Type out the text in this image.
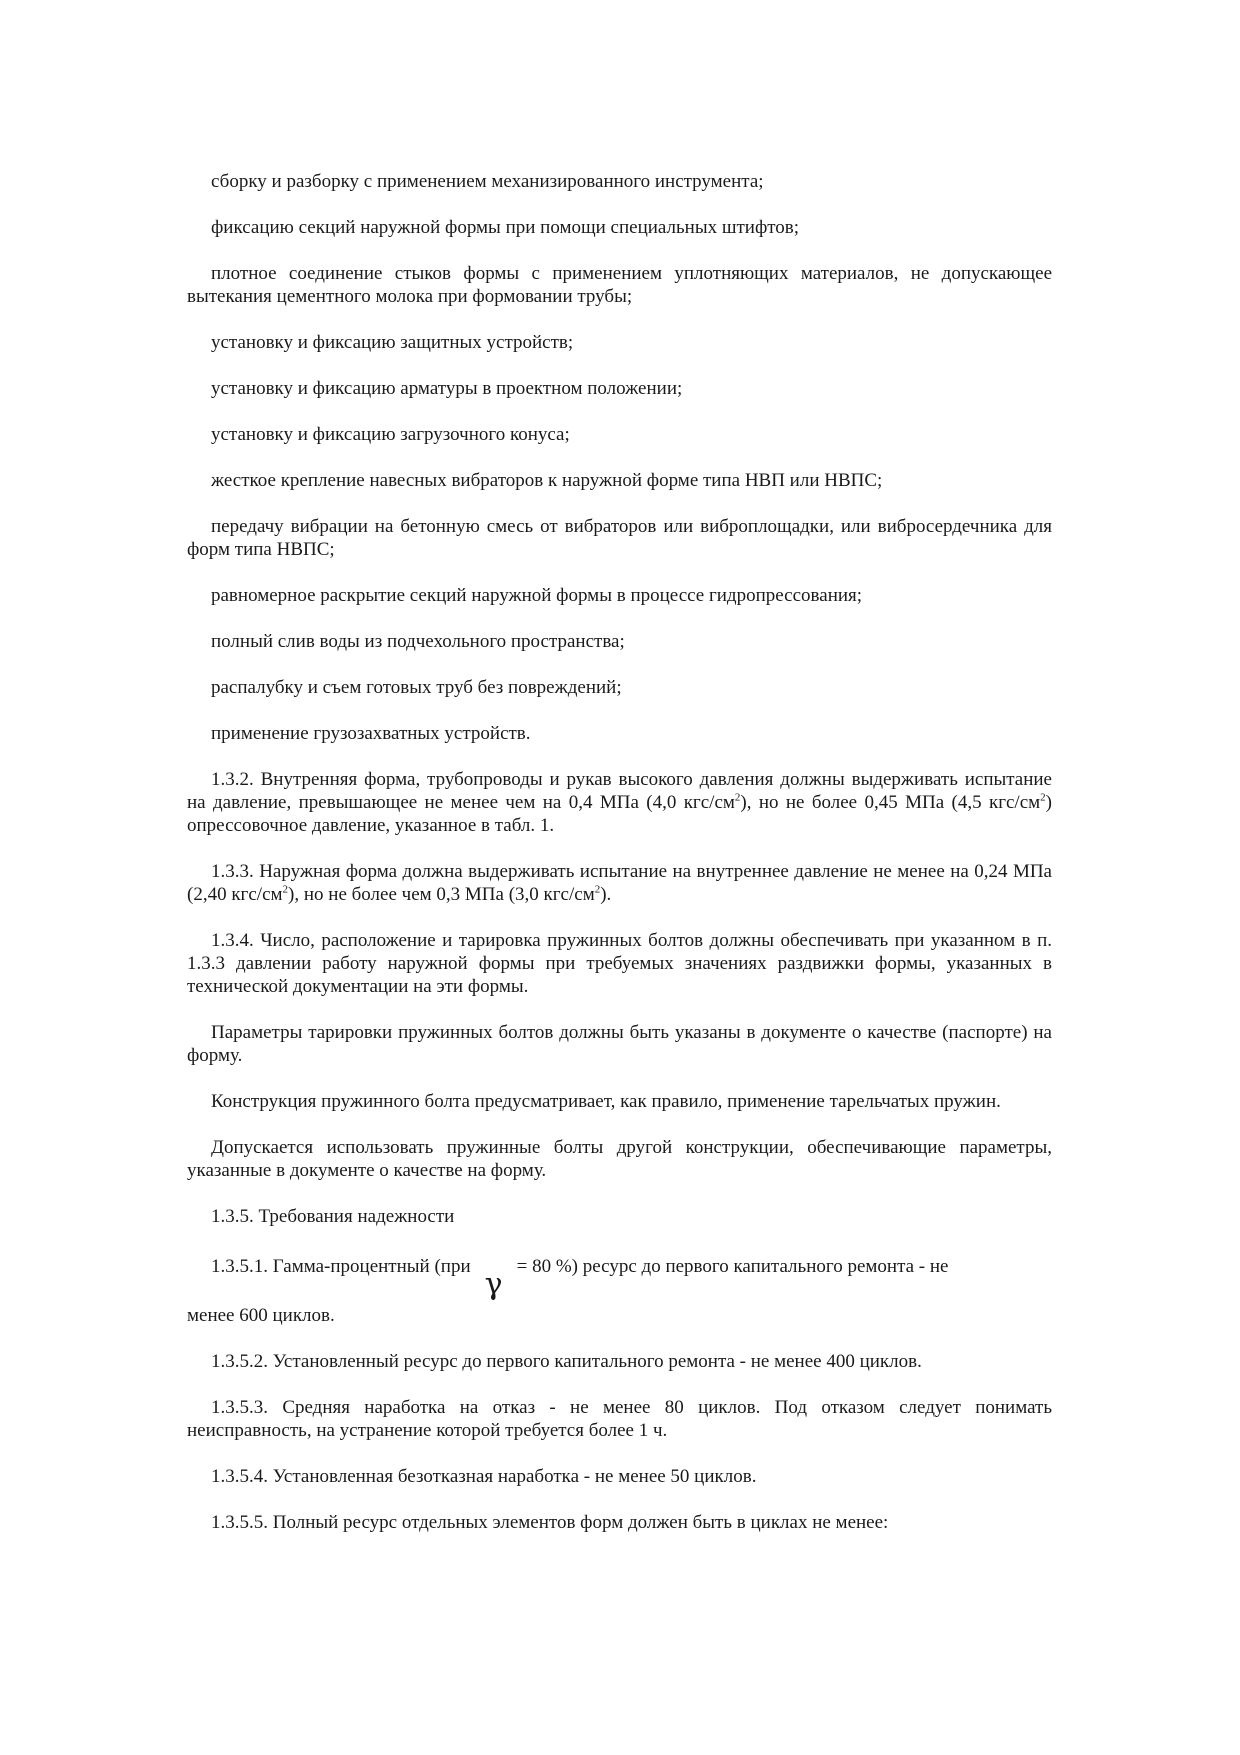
сборку и разборку с применением механизированного инструмента;

фиксацию секций наружной формы при помощи специальных штифтов;

плотное соединение стыков формы с применением уплотняющих материалов, не допускающее вытекания цементного молока при формовании трубы;

установку и фиксацию защитных устройств;

установку и фиксацию арматуры в проектном положении;

установку и фиксацию загрузочного конуса;

жесткое крепление навесных вибраторов к наружной форме типа НВП или НВПС;

передачу вибрации на бетонную смесь от вибраторов или виброплощадки, или вибросердечника для форм типа НВПС;

равномерное раскрытие секций наружной формы в процессе гидропрессования;

полный слив воды из подчехольного пространства;

распалубку и съем готовых труб без повреждений;

применение грузозахватных устройств.

1.3.2. Внутренняя форма, трубопроводы и рукав высокого давления должны выдерживать испытание на давление, превышающее не менее чем на 0,4 МПа (4,0 кгс/$см^2$), но не более 0,45 МПа (4,5 кгс/$см^2$) опрессовочное давление, указанное в табл. 1.

1.3.3. Наружная форма должна выдерживать испытание на внутреннее давление не менее на 0,24 МПа (2,40 кгс/$см^2$), но не более чем 0,3 МПа (3,0 кгс/$см^2$).

1.3.4. Число, расположение и тарировка пружинных болтов должны обеспечивать при указанном в п. 1.3.3 давлении работу наружной формы при требуемых значениях раздвижки формы, указанных в технической документации на эти формы.

Параметры тарировки пружинных болтов должны быть указаны в документе о качестве (паспорте) на форму.

Конструкция пружинного болта предусматривает, как правило, применение тарельчатых пружин.

Допускается использовать пружинные болты другой конструкции, обеспечивающие параметры, указанные в документе о качестве на форму.

1.3.5. Требования надежности

1.3.5.1. Гамма-процентный (приγ= 80 %) ресурс до первого капитального ремонта - не

менее 600 циклов.

1.3.5.2. Установленный ресурс до первого капитального ремонта - не менее 400 циклов.

1.3.5.3. Средняя наработка на отказ - не менее 80 циклов. Под отказом следует понимать неисправность, на устранение которой требуется более 1 ч.

1.3.5.4. Установленная безотказная наработка - не менее 50 циклов.

1.3.5.5. Полный ресурс отдельных элементов форм должен быть в циклах не менее:
